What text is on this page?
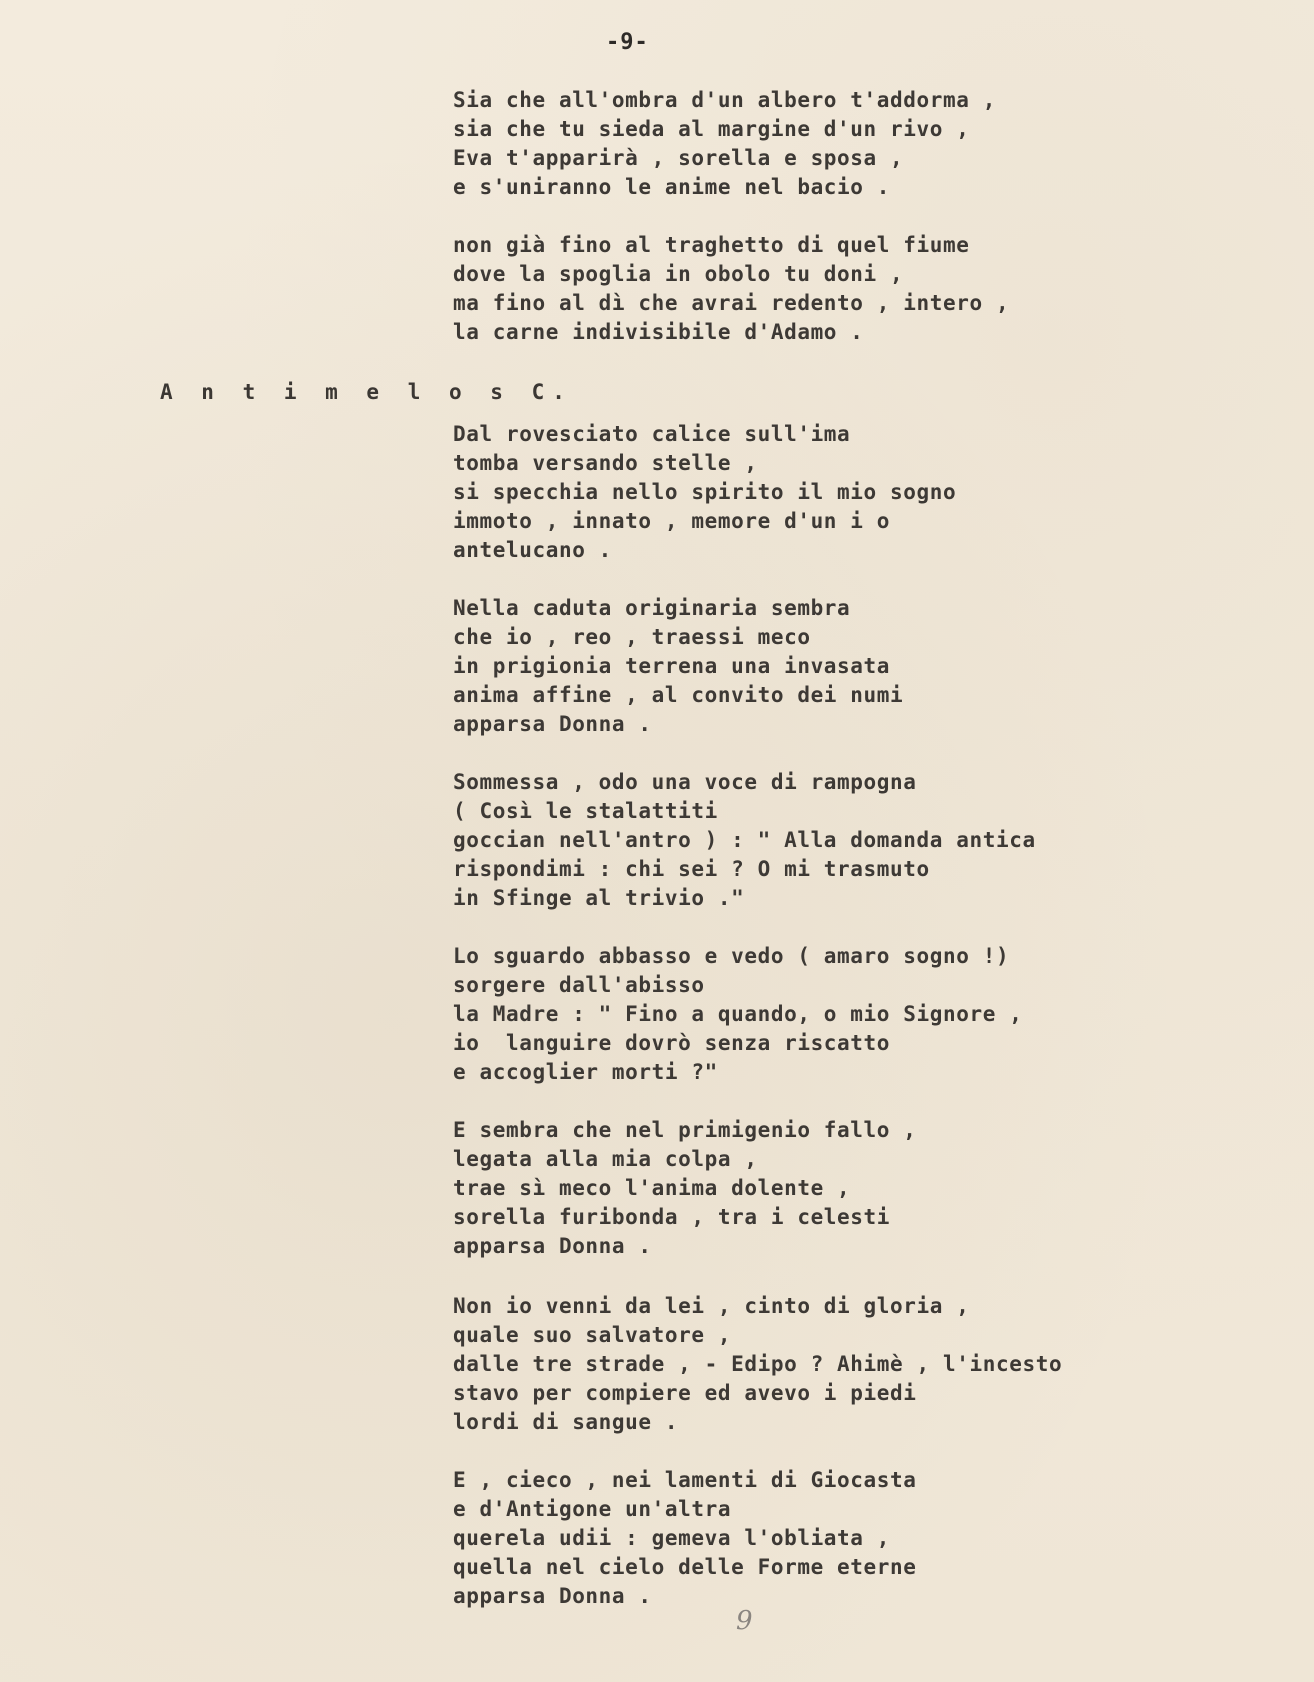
-9-
Sia che all'ombra d'un albero t'addorma ,
sia che tu sieda al margine d'un rivo ,
Eva t'apparirà , sorella e sposa ,
e s'uniranno le anime nel bacio .
non già fino al traghetto di quel fiume
dove la spoglia in obolo tu doni ,
ma fino al dì che avrai redento , intero ,
la carne indivisibile d'Adamo .
A n t i m e l o s C.
Dal rovesciato calice sull'ima
tomba versando stelle ,
si specchia nello spirito il mio sogno
immoto , innato , memore d'un i o
antelucano .
Nella caduta originaria sembra
che io , reo , traessi meco
in prigionia terrena una invasata
anima affine , al convito dei numi
apparsa Donna .
Sommessa , odo una voce di rampogna
( Così le stalattiti
goccian nell'antro ) : " Alla domanda antica
rispondimi : chi sei ? O mi trasmuto
in Sfinge al trivio ."
Lo sguardo abbasso e vedo ( amaro sogno !)
sorgere dall'abisso
la Madre : " Fino a quando, o mio Signore ,
io  languire dovrò senza riscatto
e accoglier morti ?"
E sembra che nel primigenio fallo ,
legata alla mia colpa ,
trae sì meco l'anima dolente ,
sorella furibonda , tra i celesti
apparsa Donna .
Non io venni da lei , cinto di gloria ,
quale suo salvatore ,
dalle tre strade , - Edipo ? Ahimè , l'incesto
stavo per compiere ed avevo i piedi
lordi di sangue .
E , cieco , nei lamenti di Giocasta
e d'Antigone un'altra
querela udii : gemeva l'obliata ,
quella nel cielo delle Forme eterne
apparsa Donna .
9
